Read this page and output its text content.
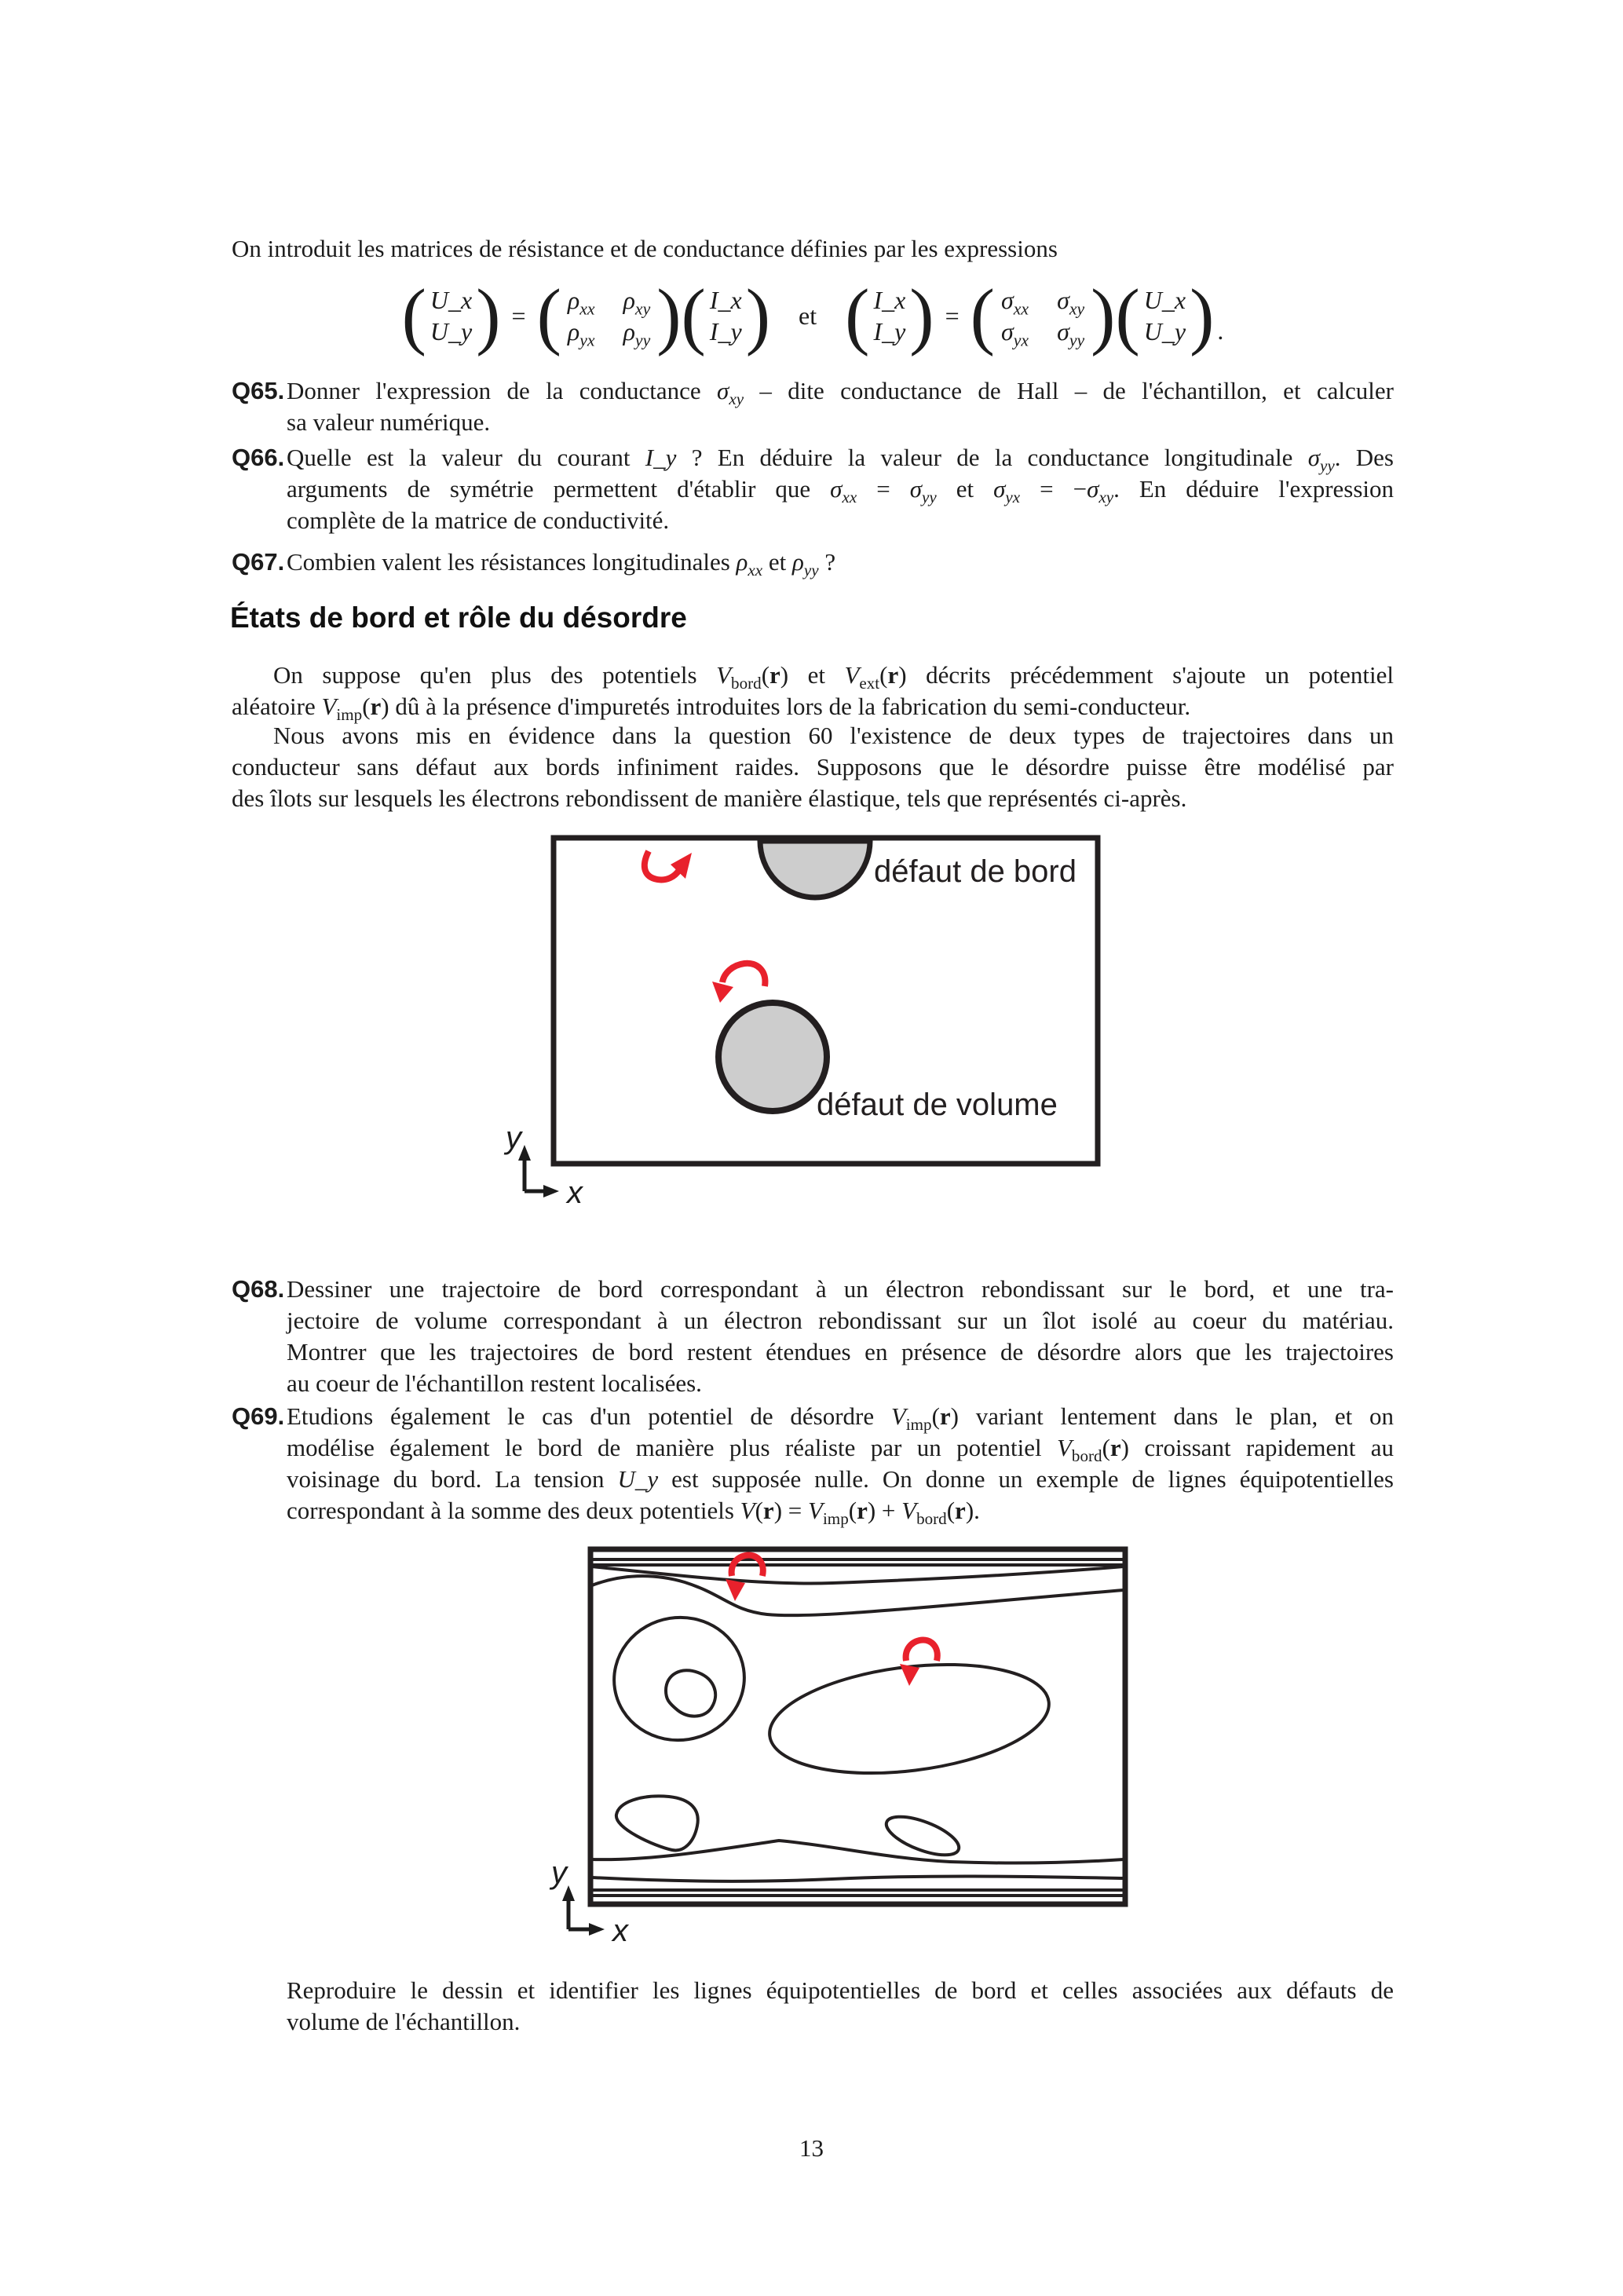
On introduit les matrices de résistance et de conductance définies par les expressions
( U_x
U_y ) = ( $\rho_{xx}$ $\rho_{xy}$
$\rho_{yx}$ $\rho_{yy}$ ) ( I_x
I_y ) et ( I_x
I_y ) = ( $\sigma_{xx}$ $\sigma_{xy}$
$\sigma_{yx}$ $\sigma_{yy}$ ) ( U_x
U_y ) .
Q65. Donner l'expression de la conductance $\sigma_{xy}$ – dite conductance de Hall – de l'échantillon, et calculer
sa valeur numérique.
Q66. Quelle est la valeur du courant I_y ? En déduire la valeur de la conductance longitudinale $\sigma_{yy}$. Des
arguments de symétrie permettent d'établir que $\sigma_{xx} = \sigma_{yy}$ et $\sigma_{yx} = -\sigma_{xy}$. En déduire l'expression
complète de la matrice de conductivité.
Q67. Combien valent les résistances longitudinales $\rho_{xx}$ et $\rho_{yy}$ ?
États de bord et rôle du désordre
On suppose qu'en plus des potentiels $V_{bord}(r)$ et $V_{ext}(r)$ décrits précédemment s'ajoute un potentiel
aléatoire $V_{imp}(r)$ dû à la présence d'impuretés introduites lors de la fabrication du semi-conducteur.
Nous avons mis en évidence dans la question 60 l'existence de deux types de trajectoires dans un
conducteur sans défaut aux bords infiniment raides. Supposons que le désordre puisse être modélisé par
des îlots sur lesquels les électrons rebondissent de manière élastique, tels que représentés ci-après.
défaut de bord
défaut de volume
y
x
Q68. Dessiner une trajectoire de bord correspondant à un électron rebondissant sur le bord, et une tra-
jectoire de volume correspondant à un électron rebondissant sur un îlot isolé au coeur du matériau.
Montrer que les trajectoires de bord restent étendues en présence de désordre alors que les trajectoires
au coeur de l'échantillon restent localisées.
Q69. Etudions également le cas d'un potentiel de désordre $V_{imp}(r)$ variant lentement dans le plan, et on
modélise également le bord de manière plus réaliste par un potentiel $V_{bord}(r)$ croissant rapidement au
voisinage du bord. La tension U_y est supposée nulle. On donne un exemple de lignes équipotentielles
correspondant à la somme des deux potentiels $V(r) = V_{imp}(r) + V_{bord}(r)$.
y
x
Reproduire le dessin et identifier les lignes équipotentielles de bord et celles associées aux défauts de
volume de l'échantillon.
13
